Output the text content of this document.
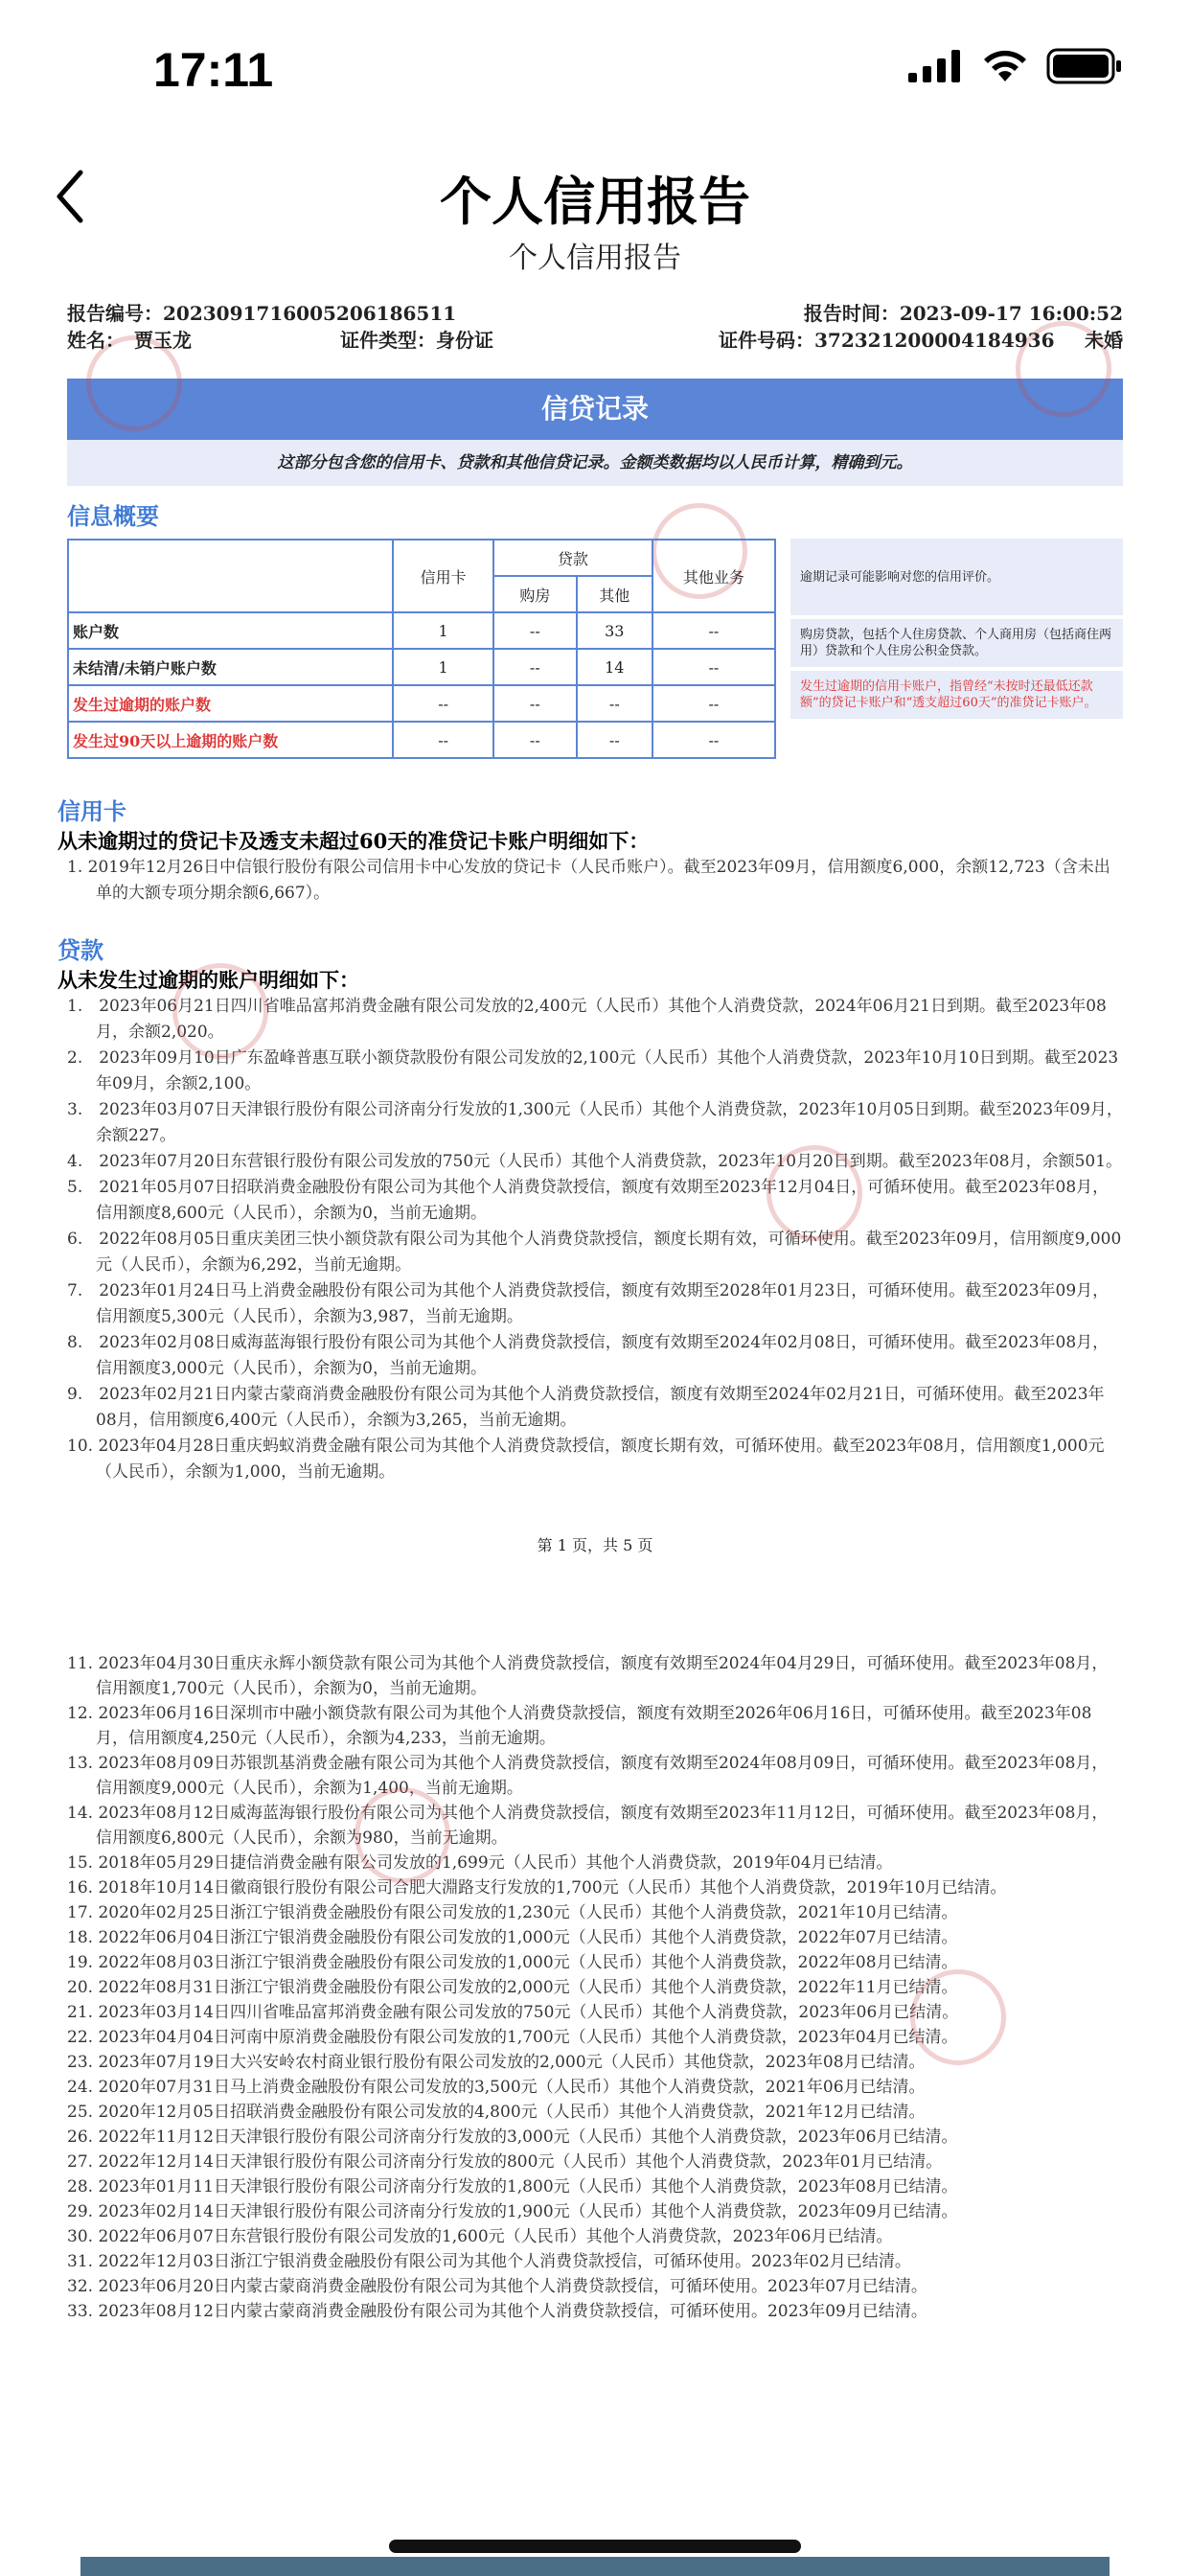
17:11
个人信用报告
个人信用报告
报告编号：2023091716005206186511	报告时间：2023-09-17 16:00:52
姓名：　贾玉龙	证件类型：身份证	证件号码：372321200004184936 未婚
信贷记录
这部分包含您的信用卡、贷款和其他信贷记录。金额类数据均以人民币计算，精确到元。
信息概要
	信用卡	贷款		其他业务
		购房	其他	
账户数	1	--	33	--
未结清/未销户账户数	1	--	14	--
发生过逾期的账户数	--	--	--	--
发生过90天以上逾期的账户数	--	--	--	--
逾期记录可能影响对您的信用评价。
购房贷款，包括个人住房贷款、个人商用房（包括商住两用）贷款和个人住房公积金贷款。
发生过逾期的信用卡账户，指曾经“未按时还最低还款额”的贷记卡账户和“透支超过60天”的准贷记卡账户。
信用卡
从未逾期过的贷记卡及透支未超过60天的准贷记卡账户明细如下：
1. 2019年12月26日中信银行股份有限公司信用卡中心发放的贷记卡（人民币账户）。截至2023年09月，信用额度6,000，余额12,723（含未出单的大额专项分期余额6,667）。
贷款
从未发生过逾期的账户明细如下：
1.　2023年06月21日四川省唯品富邦消费金融有限公司发放的2,400元（人民币）其他个人消费贷款，2024年06月21日到期。截至2023年08月，余额2,020。
2.　2023年09月10日广东盈峰普惠互联小额贷款股份有限公司发放的2,100元（人民币）其他个人消费贷款，2023年10月10日到期。截至2023年09月，余额2,100。
3.　2023年03月07日天津银行股份有限公司济南分行发放的1,300元（人民币）其他个人消费贷款，2023年10月05日到期。截至2023年09月，余额227。
4.　2023年07月20日东营银行股份有限公司发放的750元（人民币）其他个人消费贷款，2023年10月20日到期。截至2023年08月，余额501。
5.　2021年05月07日招联消费金融股份有限公司为其他个人消费贷款授信，额度有效期至2023年12月04日，可循环使用。截至2023年08月，信用额度8,600元（人民币），余额为0，当前无逾期。
6.　2022年08月05日重庆美团三快小额贷款有限公司为其他个人消费贷款授信，额度长期有效，可循环使用。截至2023年09月，信用额度9,000元（人民币），余额为6,292，当前无逾期。
7.　2023年01月24日马上消费金融股份有限公司为其他个人消费贷款授信，额度有效期至2028年01月23日，可循环使用。截至2023年09月，信用额度5,300元（人民币），余额为3,987，当前无逾期。
8.　2023年02月08日威海蓝海银行股份有限公司为其他个人消费贷款授信，额度有效期至2024年02月08日，可循环使用。截至2023年08月，信用额度3,000元（人民币），余额为0，当前无逾期。
9.　2023年02月21日内蒙古蒙商消费金融股份有限公司为其他个人消费贷款授信，额度有效期至2024年02月21日，可循环使用。截至2023年08月，信用额度6,400元（人民币），余额为3,265，当前无逾期。
10. 2023年04月28日重庆蚂蚁消费金融有限公司为其他个人消费贷款授信，额度长期有效，可循环使用。截至2023年08月，信用额度1,000元（人民币），余额为1,000，当前无逾期。
第 1 页，共 5 页
11. 2023年04月30日重庆永辉小额贷款有限公司为其他个人消费贷款授信，额度有效期至2024年04月29日，可循环使用。截至2023年08月，信用额度1,700元（人民币），余额为0，当前无逾期。
12. 2023年06月16日深圳市中融小额贷款有限公司为其他个人消费贷款授信，额度有效期至2026年06月16日，可循环使用。截至2023年08月，信用额度4,250元（人民币），余额为4,233，当前无逾期。
13. 2023年08月09日苏银凯基消费金融有限公司为其他个人消费贷款授信，额度有效期至2024年08月09日，可循环使用。截至2023年08月，信用额度9,000元（人民币），余额为1,400，当前无逾期。
14. 2023年08月12日威海蓝海银行股份有限公司为其他个人消费贷款授信，额度有效期至2023年11月12日，可循环使用。截至2023年08月，信用额度6,800元（人民币），余额为980，当前无逾期。
15. 2018年05月29日捷信消费金融有限公司发放的1,699元（人民币）其他个人消费贷款，2019年04月已结清。
16. 2018年10月14日徽商银行股份有限公司合肥大淵路支行发放的1,700元（人民币）其他个人消费贷款，2019年10月已结清。
17. 2020年02月25日浙江宁银消费金融股份有限公司发放的1,230元（人民币）其他个人消费贷款，2021年10月已结清。
18. 2022年06月04日浙江宁银消费金融股份有限公司发放的1,000元（人民币）其他个人消费贷款，2022年07月已结清。
19. 2022年08月03日浙江宁银消费金融股份有限公司发放的1,000元（人民币）其他个人消费贷款，2022年08月已结清。
20. 2022年08月31日浙江宁银消费金融股份有限公司发放的2,000元（人民币）其他个人消费贷款，2022年11月已结清。
21. 2023年03月14日四川省唯品富邦消费金融有限公司发放的750元（人民币）其他个人消费贷款，2023年06月已结清。
22. 2023年04月04日河南中原消费金融股份有限公司发放的1,700元（人民币）其他个人消费贷款，2023年04月已结清。
23. 2023年07月19日大兴安岭农村商业银行股份有限公司发放的2,000元（人民币）其他贷款，2023年08月已结清。
24. 2020年07月31日马上消费金融股份有限公司发放的3,500元（人民币）其他个人消费贷款，2021年06月已结清。
25. 2020年12月05日招联消费金融股份有限公司发放的4,800元（人民币）其他个人消费贷款，2021年12月已结清。
26. 2022年11月12日天津银行股份有限公司济南分行发放的3,000元（人民币）其他个人消费贷款，2023年06月已结清。
27. 2022年12月14日天津银行股份有限公司济南分行发放的800元（人民币）其他个人消费贷款，2023年01月已结清。
28. 2023年01月11日天津银行股份有限公司济南分行发放的1,800元（人民币）其他个人消费贷款，2023年08月已结清。
29. 2023年02月14日天津银行股份有限公司济南分行发放的1,900元（人民币）其他个人消费贷款，2023年09月已结清。
30. 2022年06月07日东营银行股份有限公司发放的1,600元（人民币）其他个人消费贷款，2023年06月已结清。
31. 2022年12月03日浙江宁银消费金融股份有限公司为其他个人消费贷款授信，可循环使用。2023年02月已结清。
32. 2023年06月20日内蒙古蒙商消费金融股份有限公司为其他个人消费贷款授信，可循环使用。2023年07月已结清。
33. 2023年08月12日内蒙古蒙商消费金融股份有限公司为其他个人消费贷款授信，可循环使用。2023年09月已结清。
